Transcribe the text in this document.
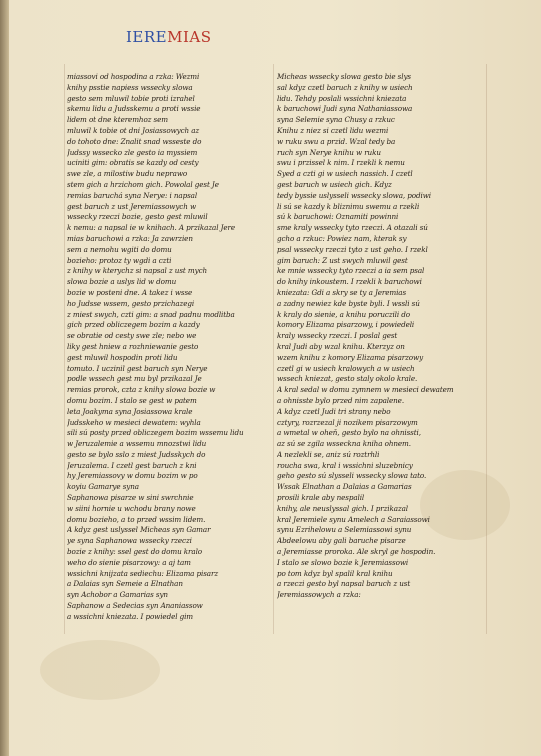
IEREMIAS
miassovi od hospodina a rzka: Wezmi
knihy psstie napiess wssecky slowa
gesto sem mluwil tobie proti izrahel
skemu lidu a Judsskemu a proti wssie
lidem ot dne kteremhoz sem
mluwil k tobie ot dni Josiassowych az
do tohoto dne: Znalit snad wsseste do
Judssy wssecko zle gesto ia myssiem
uciniti gim: obratis se kazdy od cesty
swe zle, a milostiw budu neprawo
stem gich a hrzichom gich. Powolal gest Je
remias baruchá syna Nerye: i napsal
gest baruch z ust Jeremiassowych w
wssecky rzeczi bozie, gesto gest mluwil
k nemu: a napsal ie w knihach. A przikazal Jere
mias baruchowi a rzka: Ja zawrzien
sem a nemohu wgiti do domu
bozieho: protoz ty wgdi a czti
z knihy w kterychz si napsal z ust mych
slowa bozie a uslys lid w domu
bozie w posteni dne. A takez i wsse
ho Judsse wssem, gesto przichazegi
z miest swych, czti gim: a snad padnu modlitba
gich przed obliczegem bozim a kazdy
se obratie od cesty swe zle; nebo we
liky gest hniew a rozhniewanie gesto
gest mluwil hospodin proti lidu
tomuto. I uczinil gest baruch syn Nerye
podle wssech gest mu byl przikazal Je
remias prorok, czta z knihy slowa bozie w
domu bozim. I stalo se gest w patem
leta Joakyma syna Josiassowa krale
Judsskeho w mesieci dewatem: wyhla
sili sú posty przed obliczegem bozim wssemu lidu
w Jeruzalemie a wssemu mnozstwi lidu
gesto se bylo sslo z miest Judsskych do
Jeruzalema. I czetl gest baruch z kni
hy Jeremiassovy w domu bozim w po
koyiu Gamarye syna
Saphanowa pisarze w sini swrchnie
w siini hornie u wchodu brany nowe
domu bozieho, a to przed wssim lidem.
A kdyz gest uslyssel Micheas syn Gamar
ye syna Saphanowa wssecky rzeczi
bozie z knihy: ssel gest do domu kralo
weho do sienie pisarzowy: a aj tam
wssichni knijzata sediechu: Elizama pisarz
a Dalaias syn Semeie a Elnathan
syn Achobor a Gamarias syn
Saphanow a Sedecias syn Ananiassow
a wssichni kniezata. I powiedel gim
Micheas wssecky slowa gesto bie slys
sal kdyz czetl baruch z knihy w usiech
lidu. Tehdy poslali wssichni kniezata
k baruchowi Judi syna Nathaniassowa
syna Selemie syna Chusy a rzkuc
Knihu z niez si czetl lidu wezmi
w ruku swu a przid. Wzal tedy ba
ruch syn Nerye knihu w ruku
swu i przissel k nim. I rzekli k nemu
Syed a czti gi w usiech nassich. I czetl
gest baruch w usiech gich. Kdyz
tedy byssie uslysseli wssecky slowa, podiwi
li sú se kazdy k bliznimu swemu a rzekli
sú k baruchowi: Oznamiti powinni
sme kraly wssecky tyto rzeczi. A otazali sú
gcho a rzkuc: Powiez nam, kterak sy
psal wssecky rzeczi tyto z ust geho. I rzekl
gim baruch: Z ust swych mluwil gest
ke mnie wssecky tyto rzeczi a ia sem psal
do knihy inkoustem. I rzekli k baruchowi
kniezata: Gdi a skry se ty a Jeremias
a zadny newiez kde byste byli. I wssli sú
k kraly do sienie, a knihu poruczili do
komory Elizama pisarzowy, i powiedeli
kraly wssecky rzeczi. I poslal gest
kral Judi aby wzal knihu. Kterzyz on
wzem knihu z komory Elizama pisarzowy
czetl gi w usiech kralowych a w usiech
wssech kniezat, gesto staly okolo krale.
A kral sedal w domu zymnem w mesieci dewatem
a ohnisste bylo przed nim zapalene.
A kdyz czetl Judi tri strany nebo
cztyry, rozrzezal ji nozikem pisarzowym
a wmetal w oheň, gesto bylo na ohnissti,
az sú se zgila wsseckna kniha ohnem.
A nezlekli se, aniz sú roztrhli
roucha swa, kral i wssichni sluzebnicy
geho gesto sú slysseli wssecky slowa tato.
Wssak Elnathan a Dalaias a Gamarias
prosili krale aby nespalil
knihy, ale neuslyssal gich. I przikazal
kral Jeremiele synu Amelech a Saraiassowi
synu Ezrihelowu a Selemiassowi synu
Abdeelowu aby gali baruche pisarze
a Jeremiasse proroka. Ale skryl ge hospodin.
I stalo se slowo bozie k Jeremiassowi
po tom kdyz byl spalil kral knihu
a rzeczi gesto byl napsal baruch z ust
Jeremiassowych a rzka:
